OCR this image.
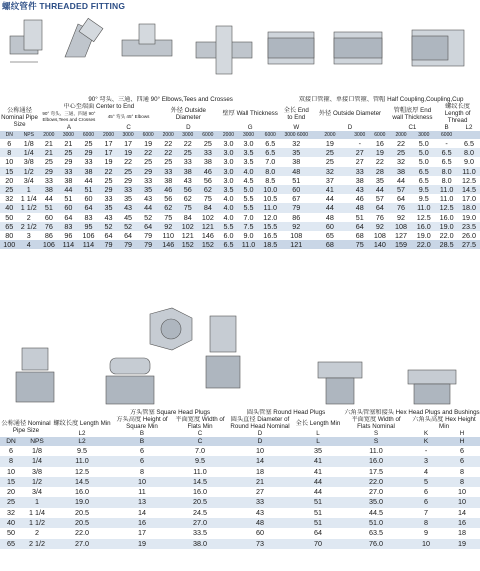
螺纹管件 THREADED FITTING
		90° 弯头、三通、四通 90° Elbows,Tees and Crosses												双接口管箍、单接口管箍、管帽 Half Coupling,Coupling,Cup							
公称通径 Nominal Pipe Size		中心至端面 Center to End						外径 Outside Diameter			壁厚 Wall Thickness			全长 End to End	外径 Outside Diameter			管帽底厚 End wall Thickness		螺纹长度 Length of Thread	
		90° 弯头、三通、四通 90° Elbows,Tees and Crosses			45° 弯头 45° Elbows																
		A			C			D			G			W	D			C1		B	L2
DN	NPS	2000	3000	6000	2000	3000	6000	2000	3000	6000	2000	3000	6000	3000 6000	2000	3000	6000	2000	3000	6000	
6	1/8	21	21	25	17	17	19	22	22	25	3.0	3.0	6.5	32	19	-	16	22	5.0	-	6.5
8	1/4	21	25	29	17	19	22	22	25	33	3.0	3.5	6.5	35	25	27	19	25	5.0	6.5	8.0
10	3/8	25	29	33	19	22	25	25	33	38	3.0	3.5	7.0	38	25	27	22	32	5.0	6.5	9.0
15	1/2	29	33	38	22	25	29	33	38	46	3.0	4.0	8.0	48	32	33	28	38	6.5	8.0	11.0
20	3/4	33	38	44	25	29	33	38	43	56	3.0	4.5	8.5	51	37	38	35	44	6.5	8.0	12.5
25	1	38	44	51	29	33	35	46	56	62	3.5	5.0	10.0	60	41	43	44	57	9.5	11.0	14.5
32	1 1/4	44	51	60	33	35	43	56	62	75	4.0	5.5	10.5	67	44	46	57	64	9.5	11.0	17.0
40	1 1/2	51	60	64	35	43	44	62	75	84	4.0	5.5	11.0	79	44	48	64	76	11.0	12.5	18.0
50	2	60	64	83	43	45	52	75	84	102	4.0	7.0	12.0	86	48	51	76	92	12.5	16.0	19.0
65	2 1/2	76	83	95	52	52	64	92	102	121	5.5	7.5	15.5	92	60	64	92	108	16.0	19.0	23.5
80	3	86	96	106	64	64	79	110	121	146	6.0	9.0	16.5	108	65	68	108	127	19.0	22.0	26.0
100	4	106	114	114	79	79	79	146	152	152	6.5	11.0	18.5	121	68	75	140	159	22.0	28.5	27.5
			方头管塞 Square Head Plugs		圆头管塞 Round Head Plugs		六角头管塞和接头 Hex Head Plugs and Bushings		
公称通径 Nominal Pipe Size		螺纹长度 Length Min	方头高度 Height of Square Min	平面宽度 Width of Flats Min	圆头直径 Diameter of Round Head Nominal	全长 Length Min	平面宽度 Width of Flats Nominal	六角头高度 Hex Height Min	
		L2	B	C	D	L	S	K	H
DN	NPS	L2	B	C	D	L	S	K	H
6	1/8	9.5	6	7.0	10	35	11.0	-	6
8	1/4	11.0	6	9.5	14	41	16.0	3	6
10	3/8	12.5	8	11.0	18	41	17.5	4	8
15	1/2	14.5	10	14.5	21	44	22.0	5	8
20	3/4	16.0	11	16.0	27	44	27.0	6	10
25	1	19.0	13	20.5	33	51	35.0	6	10
32	1 1/4	20.5	14	24.5	43	51	44.5	7	14
40	1 1/2	20.5	16	27.0	48	51	51.0	8	16
50	2	22.0	17	33.5	60	64	63.5	9	18
65	2 1/2	27.0	19	38.0	73	70	76.0	10	19
